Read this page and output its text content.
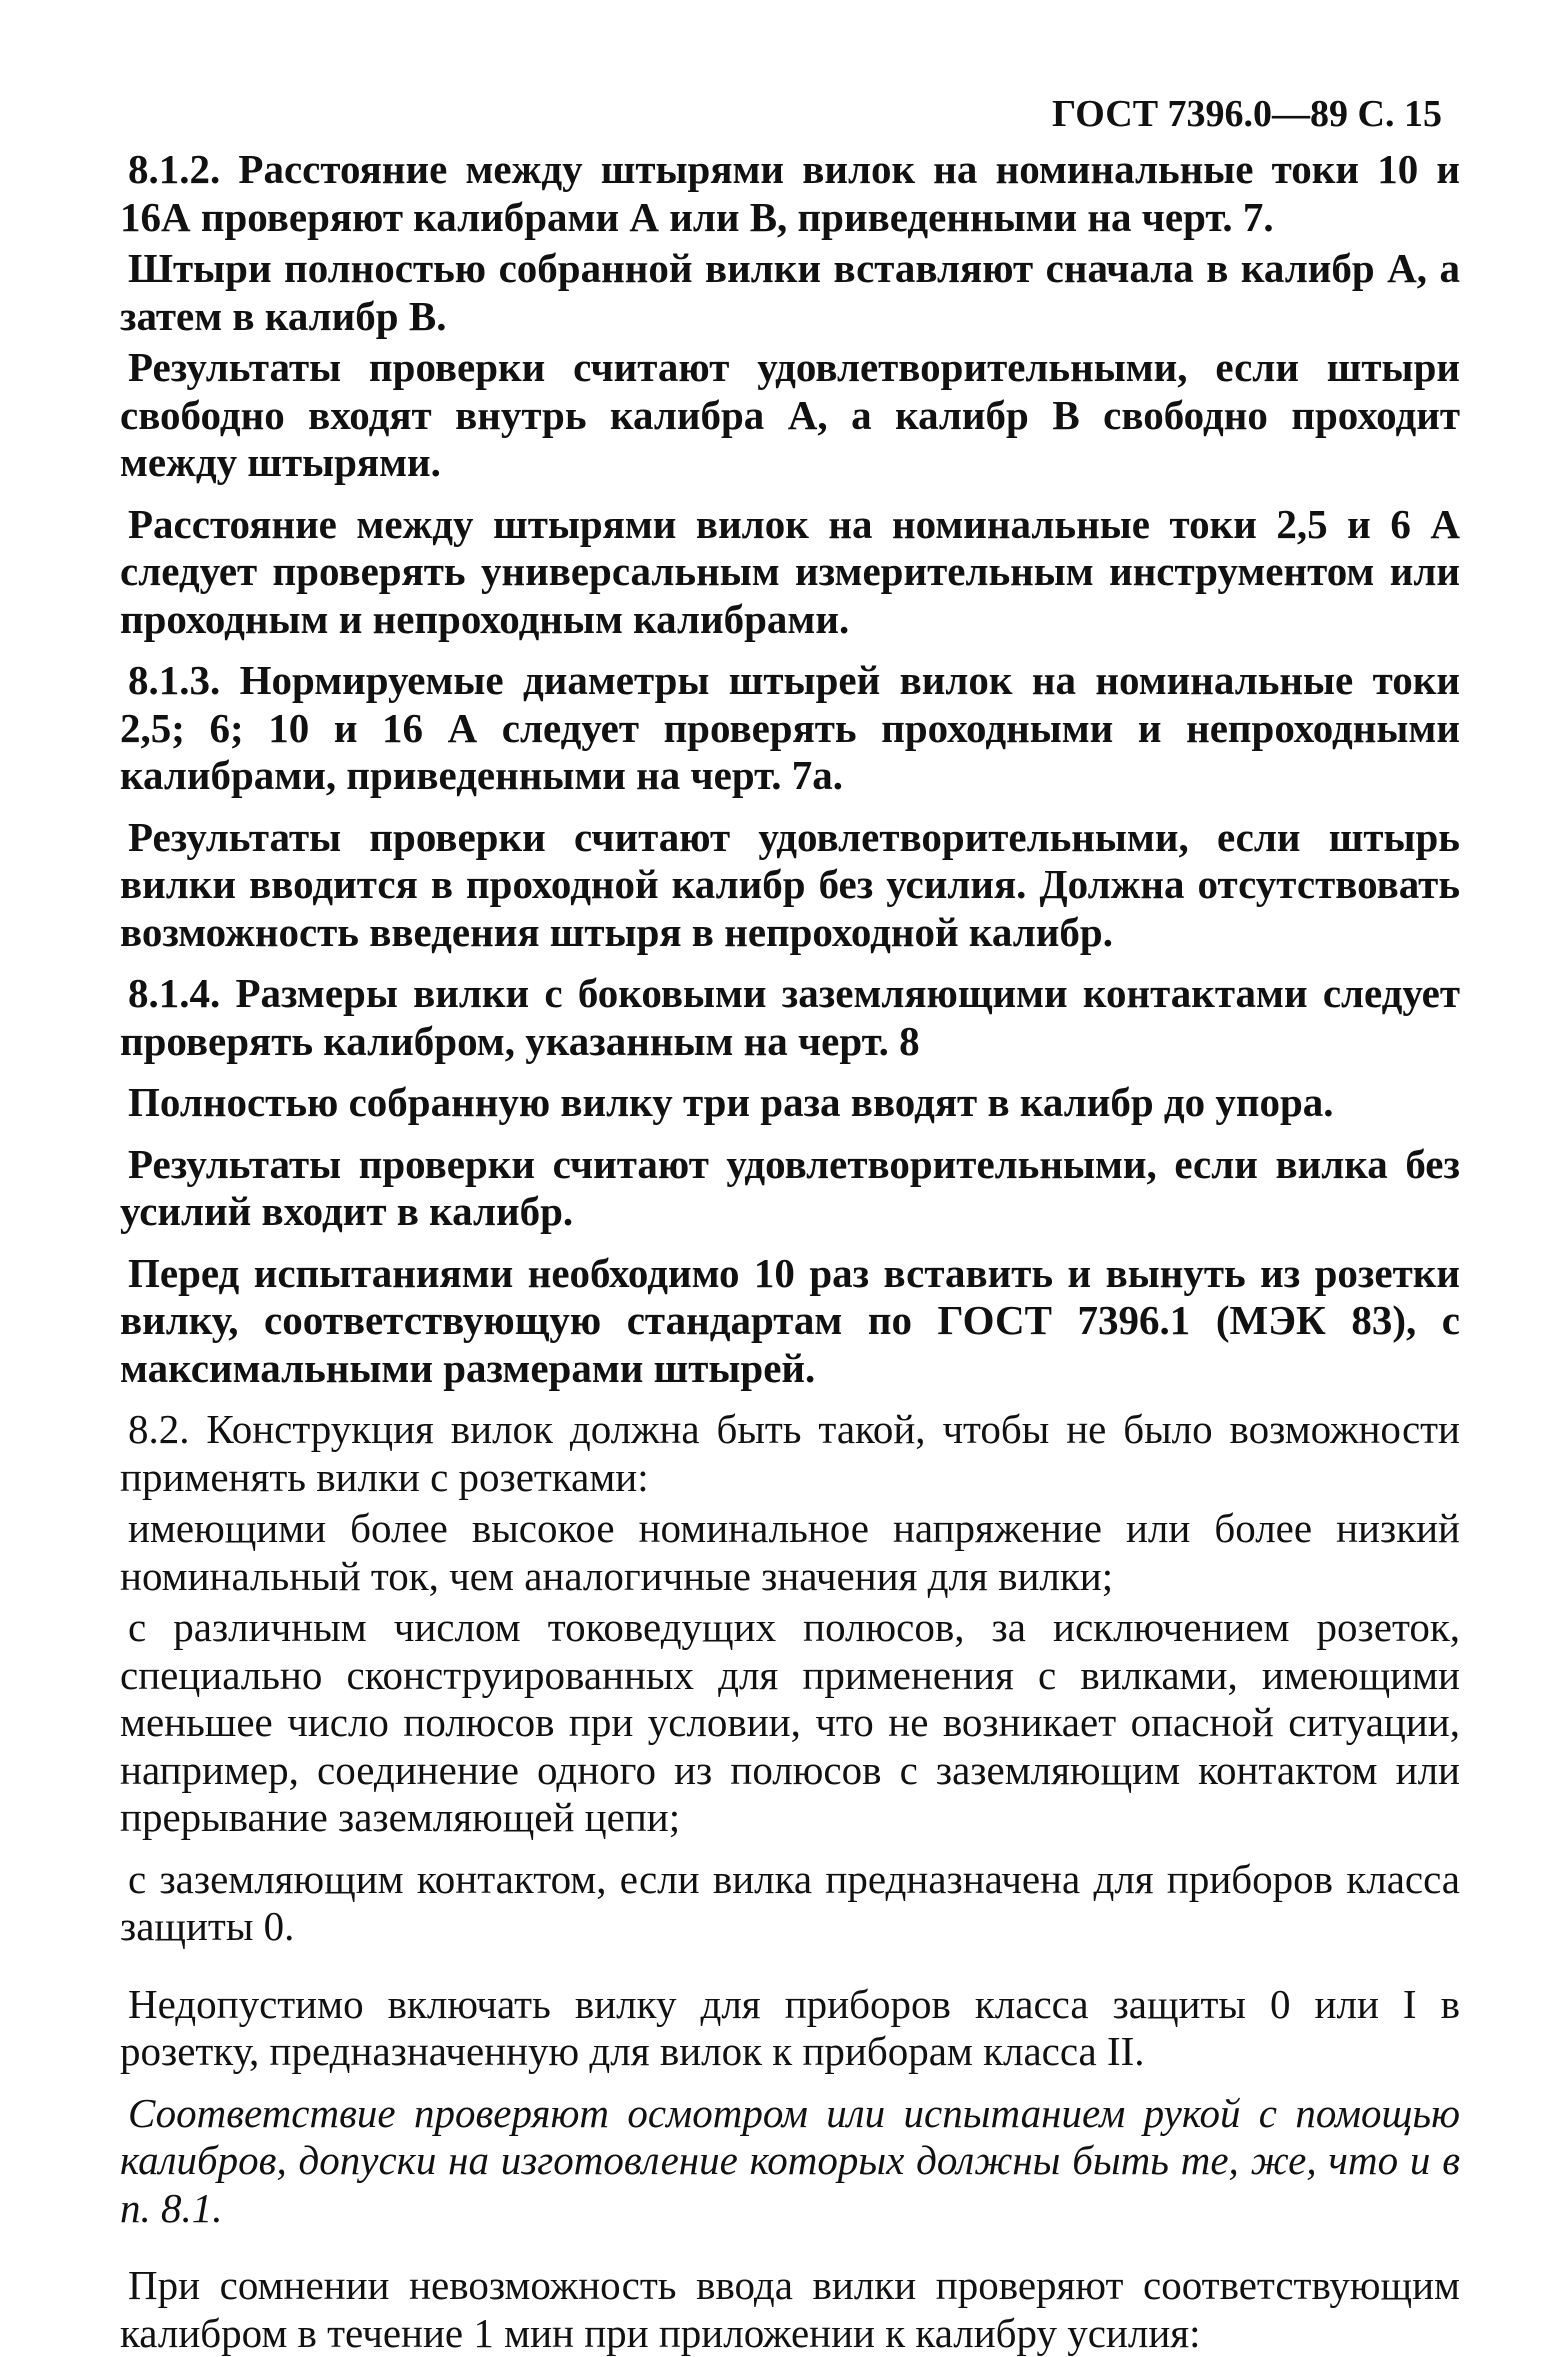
ГОСТ 7396.0—89 С. 15

8.1.2. Расстояние между штырями вилок на номинальные токи 10 и 16А проверяют калибрами А или В, приведенными на черт. 7.

Штыри полностью собранной вилки вставляют сначала в калибр А, а затем в калибр В.

Результаты проверки считают удовлетворительными, если штыри свободно входят внутрь калибра А, а калибр В свободно проходит между штырями.

Расстояние между штырями вилок на номинальные токи 2,5 и 6 А следует проверять универсальным измерительным инструментом или проходным и непроходным калибрами.

8.1.3. Нормируемые диаметры штырей вилок на номинальные токи 2,5; 6; 10 и 16 А следует проверять проходными и непроходными калибрами, приведенными на черт. 7а.

Результаты проверки считают удовлетворительными, если штырь вилки вводится в проходной калибр без усилия. Должна отсутствовать возможность введения штыря в непроходной калибр.

8.1.4. Размеры вилки с боковыми заземляющими контактами следует проверять калибром, указанным на черт. 8

Полностью собранную вилку три раза вводят в калибр до упора.

Результаты проверки считают удовлетворительными, если вилка без усилий входит в калибр.

Перед испытаниями необходимо 10 раз вставить и вынуть из розетки вилку, соответствующую стандартам по ГОСТ 7396.1 (МЭК 83), с максимальными размерами штырей.

8.2. Конструкция вилок должна быть такой, чтобы не было возможности применять вилки с розетками:

имеющими более высокое номинальное напряжение или более низкий номинальный ток, чем аналогичные значения для вилки;

с различным числом токоведущих полюсов, за исключением розеток, специально сконструированных для применения с вилками, имеющими меньшее число полюсов при условии, что не возникает опасной ситуации, например, соединение одного из полюсов с заземляющим контактом или прерывание заземляющей цепи;

с заземляющим контактом, если вилка предназначена для приборов класса защиты 0.

Недопустимо включать вилку для приборов класса защиты 0 или I в розетку, предназначенную для вилок к приборам класса II.

Соответствие проверяют осмотром или испытанием рукой с помощью калибров, допуски на изготовление которых должны быть те, же, что и в п. 8.1.

При сомнении невозможность ввода вилки проверяют соответствующим калибром в течение 1 мин при приложении к калибру усилия:
